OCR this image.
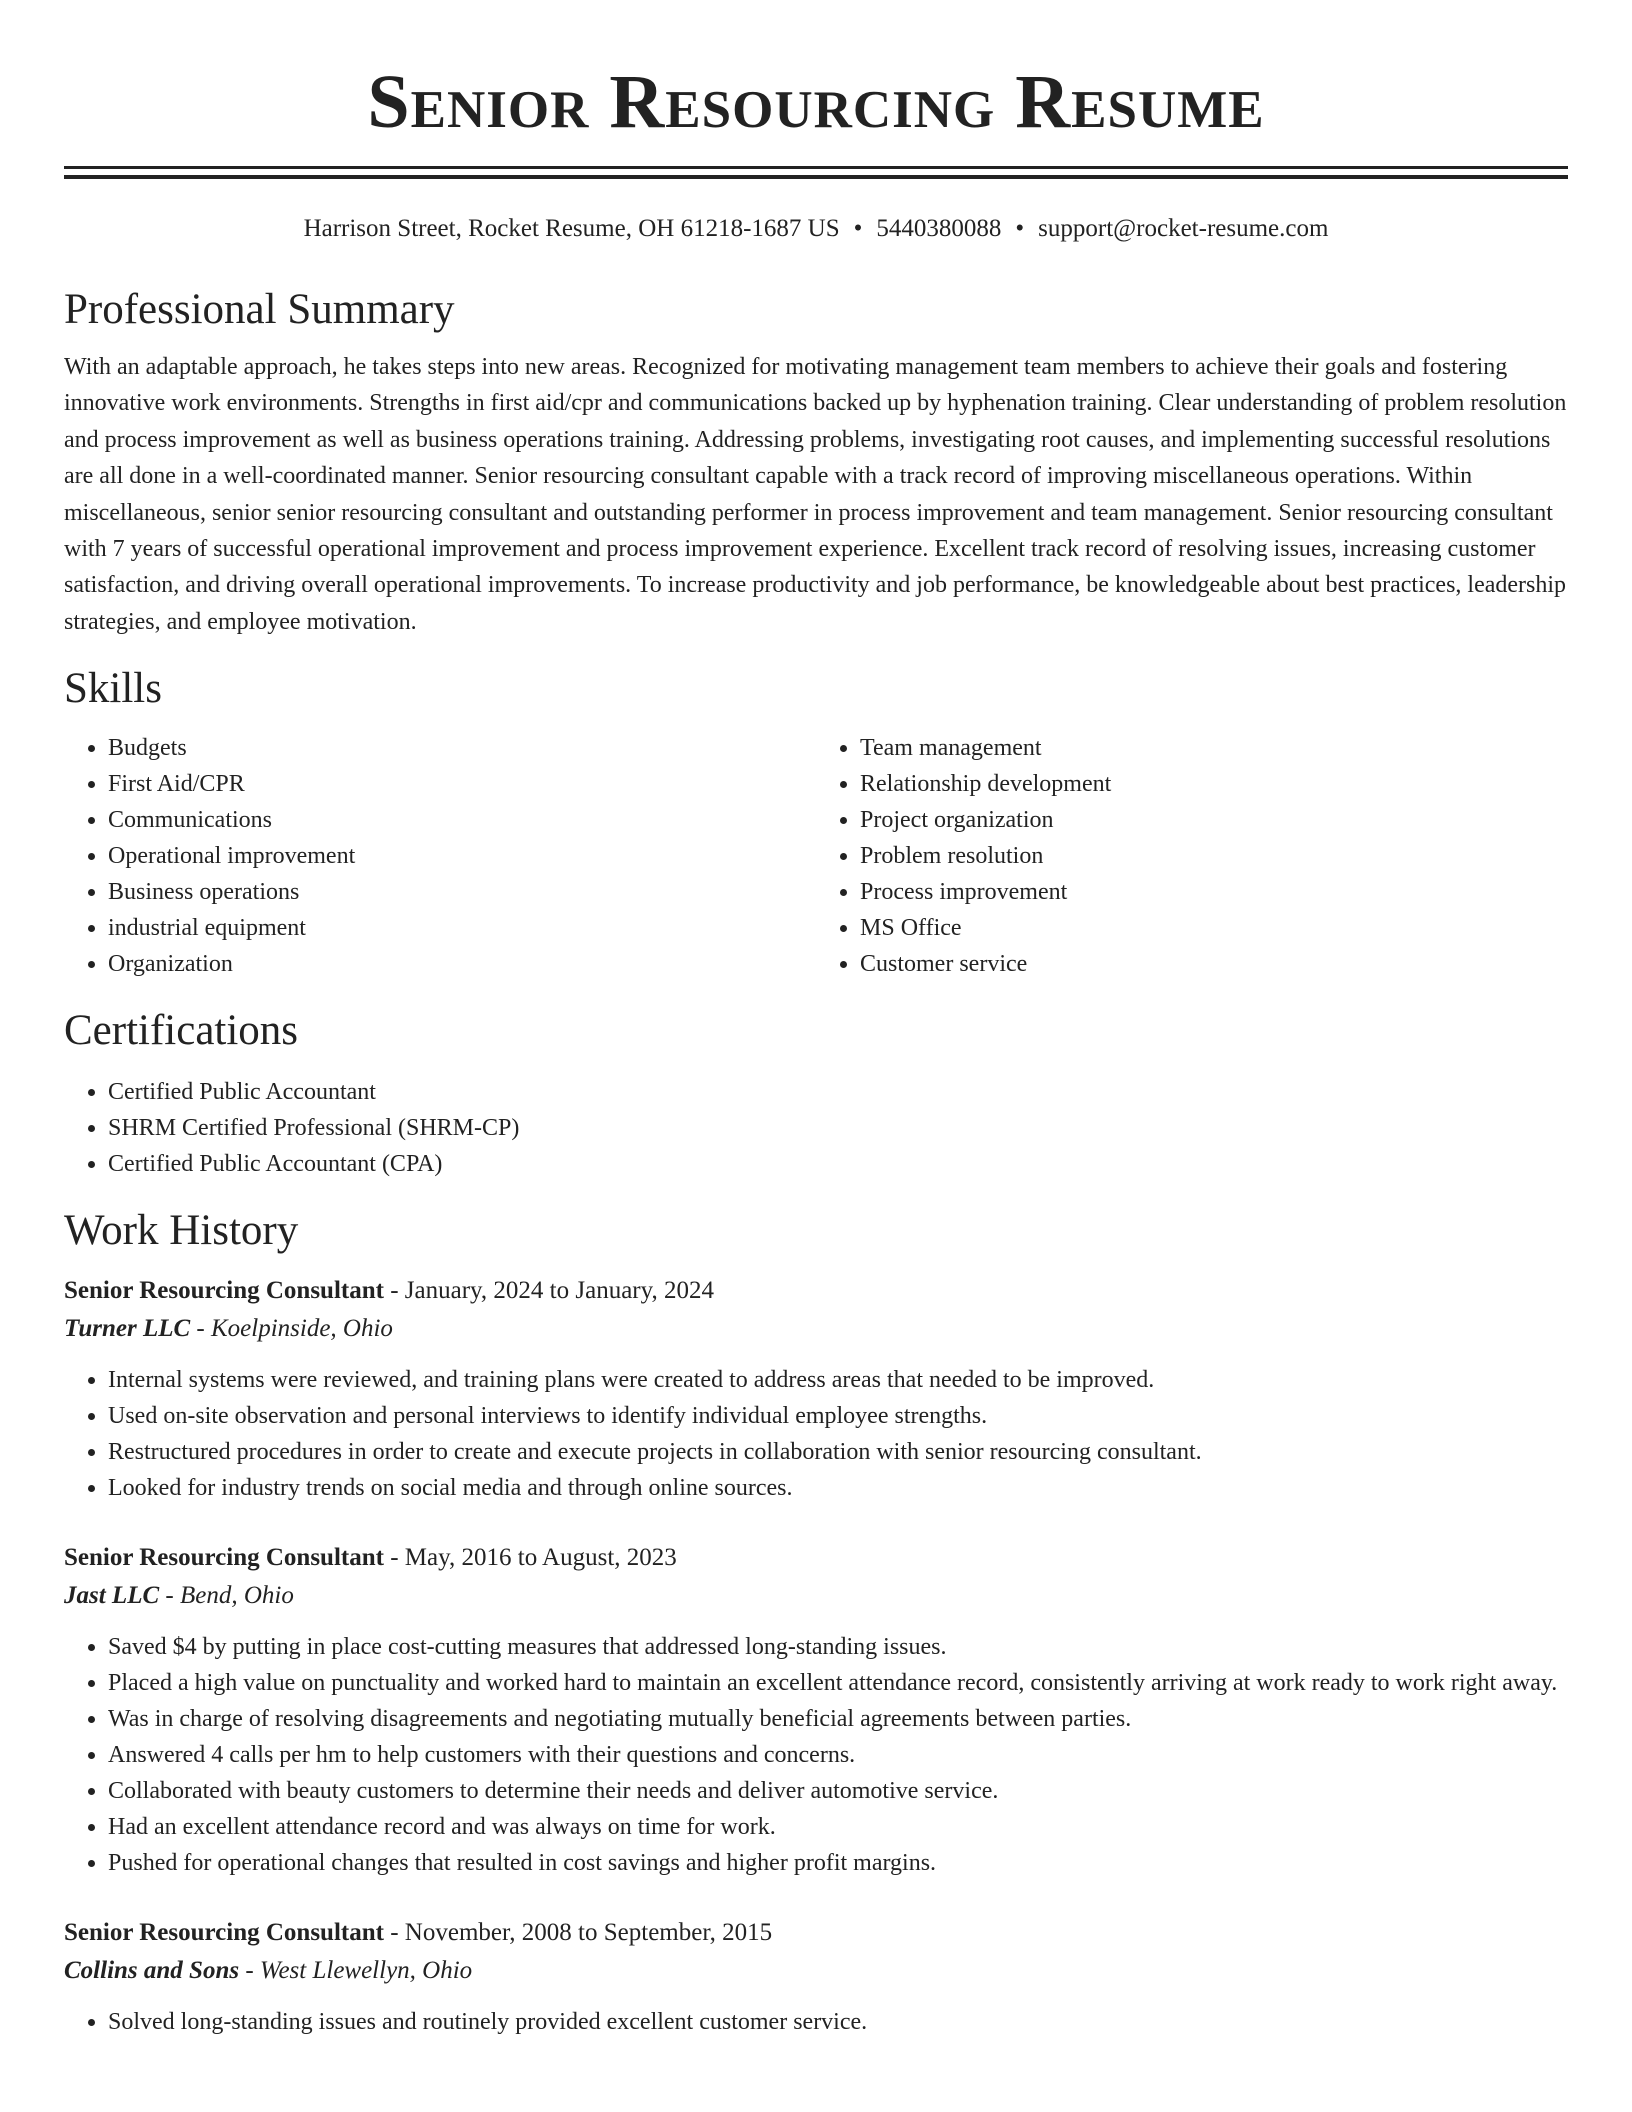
Senior Resourcing Resume
Harrison Street, Rocket Resume, OH 61218-1687 US • 5440380088 • support@rocket-resume.com
Professional Summary
With an adaptable approach, he takes steps into new areas. Recognized for motivating management team members to achieve their goals and fostering innovative work environments. Strengths in first aid/cpr and communications backed up by hyphenation training. Clear understanding of problem resolution and process improvement as well as business operations training. Addressing problems, investigating root causes, and implementing successful resolutions are all done in a well-coordinated manner. Senior resourcing consultant capable with a track record of improving miscellaneous operations. Within miscellaneous, senior senior resourcing consultant and outstanding performer in process improvement and team management. Senior resourcing consultant with 7 years of successful operational improvement and process improvement experience. Excellent track record of resolving issues, increasing customer satisfaction, and driving overall operational improvements. To increase productivity and job performance, be knowledgeable about best practices, leadership strategies, and employee motivation.
Skills
• Budgets
• First Aid/CPR
• Communications
• Operational improvement
• Business operations
• industrial equipment
• Organization
• Team management
• Relationship development
• Project organization
• Problem resolution
• Process improvement
• MS Office
• Customer service
Certifications
• Certified Public Accountant
• SHRM Certified Professional (SHRM-CP)
• Certified Public Accountant (CPA)
Work History
Senior Resourcing Consultant - January, 2024 to January, 2024
Turner LLC - Koelpinside, Ohio
• Internal systems were reviewed, and training plans were created to address areas that needed to be improved.
• Used on-site observation and personal interviews to identify individual employee strengths.
• Restructured procedures in order to create and execute projects in collaboration with senior resourcing consultant.
• Looked for industry trends on social media and through online sources.
Senior Resourcing Consultant - May, 2016 to August, 2023
Jast LLC - Bend, Ohio
• Saved $4 by putting in place cost-cutting measures that addressed long-standing issues.
• Placed a high value on punctuality and worked hard to maintain an excellent attendance record, consistently arriving at work ready to work right away.
• Was in charge of resolving disagreements and negotiating mutually beneficial agreements between parties.
• Answered 4 calls per hm to help customers with their questions and concerns.
• Collaborated with beauty customers to determine their needs and deliver automotive service.
• Had an excellent attendance record and was always on time for work.
• Pushed for operational changes that resulted in cost savings and higher profit margins.
Senior Resourcing Consultant - November, 2008 to September, 2015
Collins and Sons - West Llewellyn, Ohio
• Solved long-standing issues and routinely provided excellent customer service.
